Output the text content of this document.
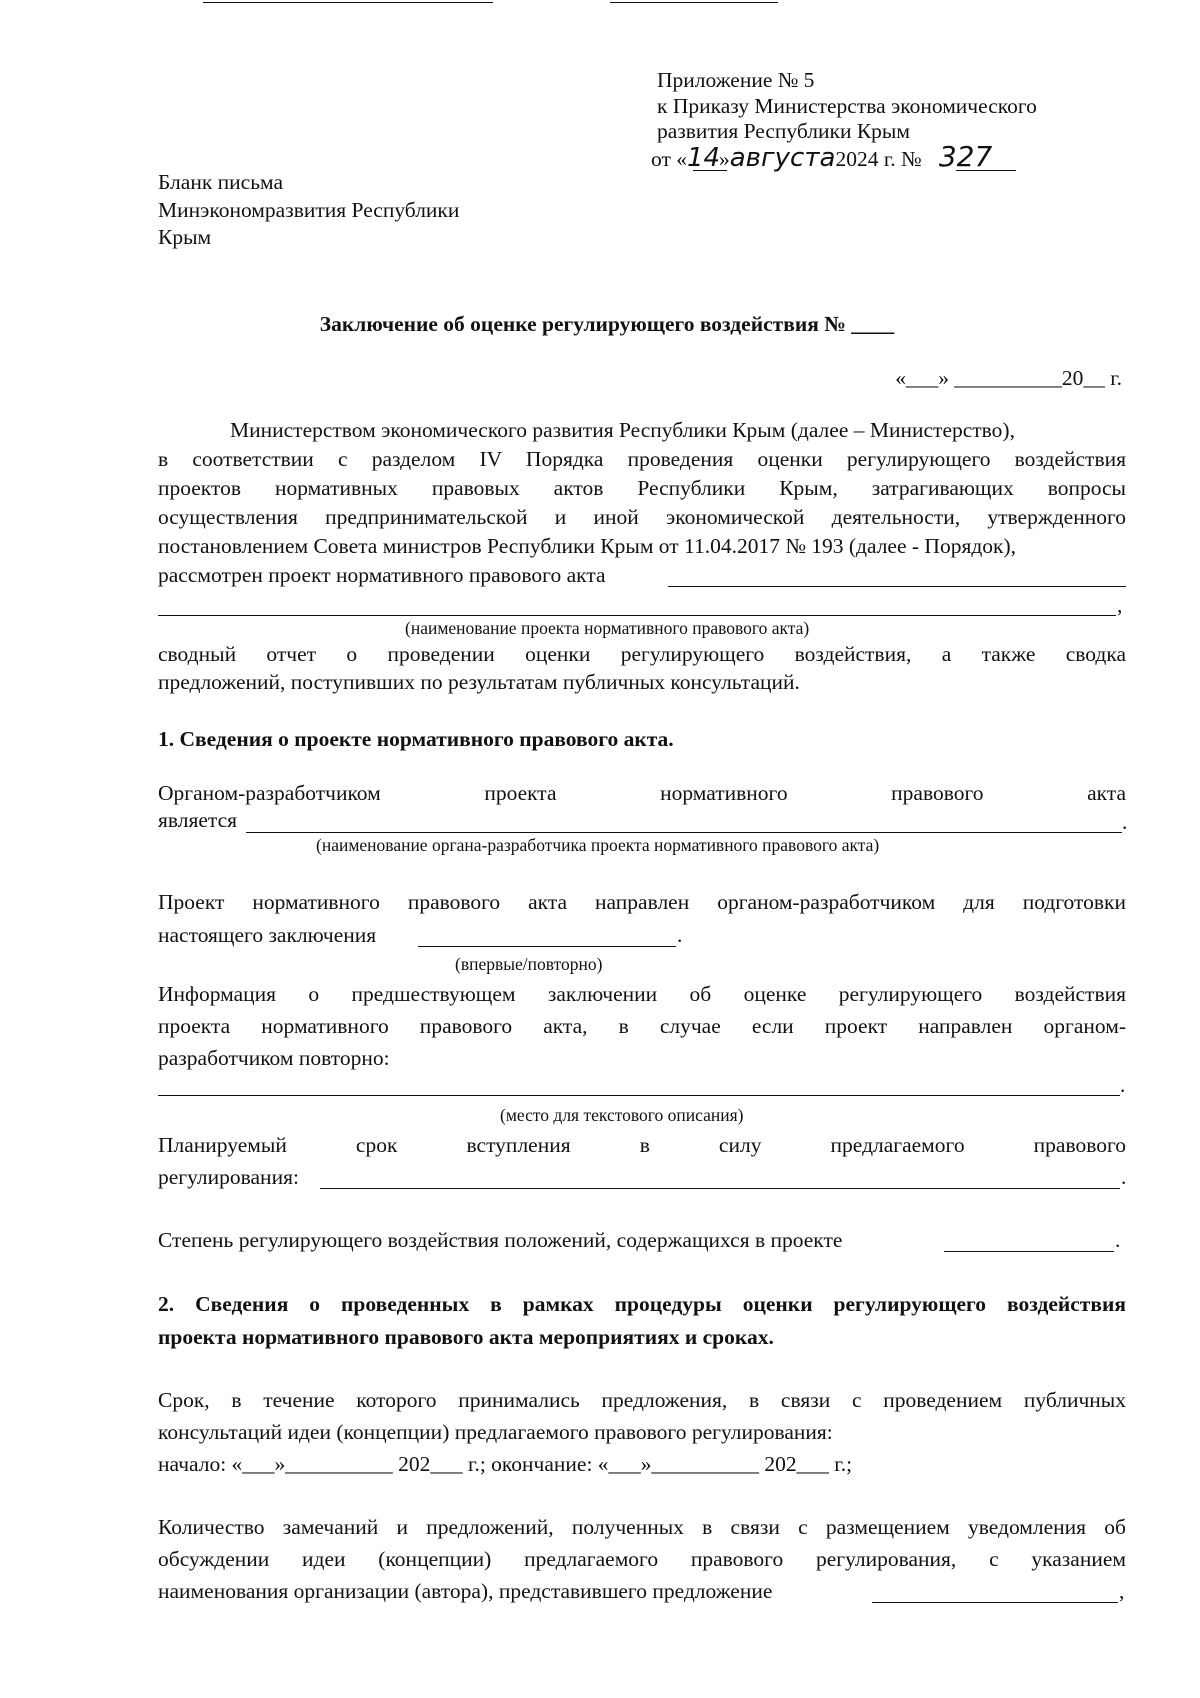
Приложение № 5
к Приказу Министерства экономического
развития Республики Крым
от «14»августа2024 г. № 327
Бланк письма
Минэкономразвития Республики
Крым
Заключение об оценке регулирующего воздействия № ____
«___» __________20__ г.
Министерством экономического развития Республики Крым (далее – Министерство),
в соответствии с разделом IV Порядка проведения оценки регулирующего воздействия
проектов нормативных правовых актов Республики Крым, затрагивающих вопросы
осуществления предпринимательской и иной экономической деятельности, утвержденного
постановлением Совета министров Республики Крым от 11.04.2017 № 193 (далее - Порядок),
рассмотрен проект нормативного правового акта
,
(наименование проекта нормативного правового акта)
сводный отчет о проведении оценки регулирующего воздействия, а также сводка
предложений, поступивших по результатам публичных консультаций.
1. Сведения о проекте нормативного правового акта.
Органом-разработчиком проекта нормативного правового акта
является	.
(наименование органа-разработчика проекта нормативного правового акта)
Проект нормативного правового акта направлен органом-разработчиком для подготовки
настоящего заключения	.
(впервые/повторно)
Информация о предшествующем заключении об оценке регулирующего воздействия
проекта нормативного правового акта, в случае если проект направлен органом-
разработчиком повторно:
.
(место для текстового описания)
Планируемый срок вступления в силу предлагаемого правового
регулирования:	.
Степень регулирующего воздействия положений, содержащихся в проекте	.
2. Сведения о проведенных в рамках процедуры оценки регулирующего воздействия
проекта нормативного правового акта мероприятиях и сроках.
Срок, в течение которого принимались предложения, в связи с проведением публичных
консультаций идеи (концепции) предлагаемого правового регулирования:
начало: «___»__________ 202___ г.; окончание: «___»__________ 202___ г.;
Количество замечаний и предложений, полученных в связи с размещением уведомления об
обсуждении идеи (концепции) предлагаемого правового регулирования, с указанием
наименования организации (автора), представившего предложение	,
